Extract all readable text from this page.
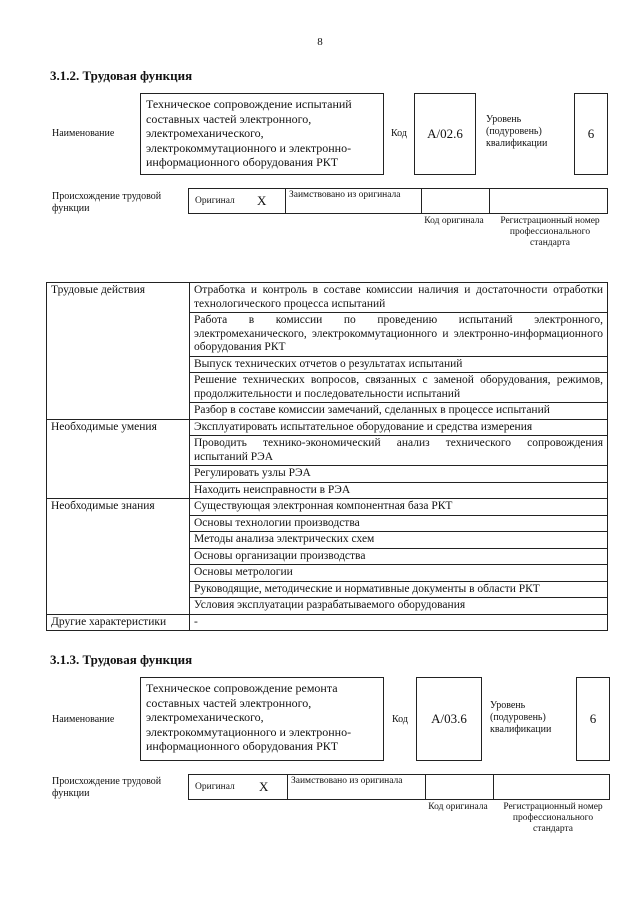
8
3.1.2. Трудовая функция
Наименование
Техническое сопровождение испытаний составных частей электронного, электромеханического, электрокоммутационного и электронно-информационного оборудования РКТ
Код	A/02.6
Уровень (подуровень) квалификации
6
Происхождение трудовой функции
Оригинал X Заимствовано из оригинала
Код оригинала	Регистрационный номер профессионального стандарта
Трудовые действия	Отработка и контроль в составе комиссии наличия и достаточности отработки технологического процесса испытаний
	Работа в комиссии по проведению испытаний электронного, электромеханического, электрокоммутационного и электронно-информационного оборудования РКТ
	Выпуск технических отчетов о результатах испытаний
	Решение технических вопросов, связанных с заменой оборудования, режимов, продолжительности и последовательности испытаний
	Разбор в составе комиссии замечаний, сделанных в процессе испытаний
Необходимые умения	Эксплуатировать испытательное оборудование и средства измерения
	Проводить технико-экономический анализ технического сопровождения испытаний РЭА
	Регулировать узлы РЭА
	Находить неисправности в РЭА
Необходимые знания	Существующая электронная компонентная база РКТ
	Основы технологии производства
	Методы анализа электрических схем
	Основы организации производства
	Основы метрологии
	Руководящие, методические и нормативные документы в области РКТ
	Условия эксплуатации разрабатываемого оборудования
Другие характеристики	-
3.1.3. Трудовая функция
Наименование
Техническое сопровождение ремонта составных частей электронного, электромеханического, электрокоммутационного и электронно-информационного оборудования РКТ
Код	A/03.6
Уровень (подуровень) квалификации
6
Происхождение трудовой функции
Оригинал X Заимствовано из оригинала
Код оригинала	Регистрационный номер профессионального стандарта
